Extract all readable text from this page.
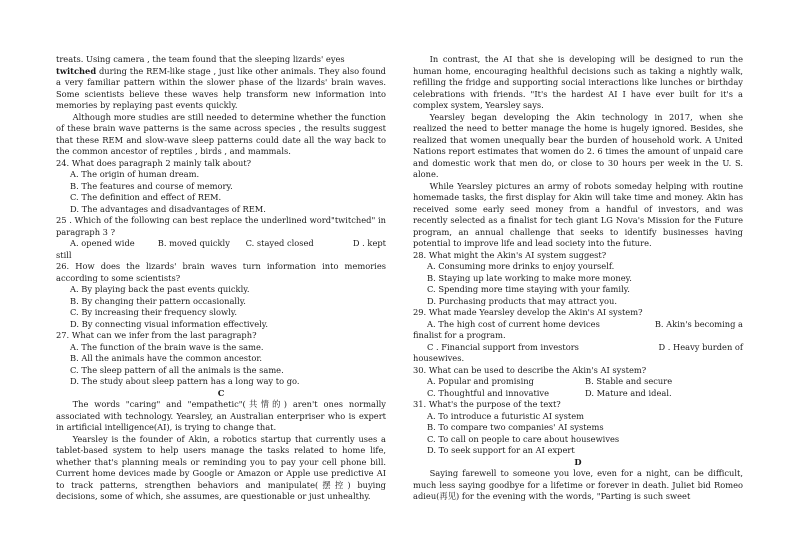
treats. Using camera , the team found that the sleeping lizards' eyes
twitched during the REM-like stage , just like other animals. They also found a very familiar pattern within the slower phase of the lizards' brain waves. Some scientists believe these waves help transform new information into memories by replaying past events quickly.

Although more studies are still needed to determine whether the function of these brain wave patterns is the same across species , the results suggest that these REM and slow-wave sleep patterns could date all the way back to the common ancestor of reptiles , birds , and mammals.

24. What does paragraph 2 mainly talk about?

A. The origin of human dream.

B. The features and course of memory.

C. The definition and effect of REM.

D. The advantages and disadvantages of REM.

25 . Which of the following can best replace the underlined word"twitched" in paragraph 3 ?

A. opened wide	B. moved quickly	C. stayed closed	D . kept

still

26. How does the lizards' brain waves turn information into memories according to some scientists?

A. By playing back the past events quickly.

B. By changing their pattern occasionally.

C. By increasing their frequency slowly.

D. By connecting visual information effectively.

27. What can we infer from the last paragraph?

A. The function of the brain wave is the same.

B. All the animals have the common ancestor.

C. The sleep pattern of all the animals is the same.

D. The study about sleep pattern has a long way to go.

C

The words "caring" and "empathetic"(共情的) aren't ones normally associated with technology. Yearsley, an Australian enterpriser who is expert in artificial intelligence(AI), is trying to change that.

Yearsley is the founder of Akin, a robotics startup that currently uses a tablet-based system to help users manage the tasks related to home life, whether that's planning meals or reminding you to pay your cell phone bill. Current home devices made by Google or Amazon or Apple use predictive AI to track patterns, strengthen behaviors and manipulate(摆控) buying decisions, some of which, she assumes, are questionable or just unhealthy.

In contrast, the AI that she is developing will be designed to run the human home, encouraging healthful decisions such as taking a nightly walk, refilling the fridge and supporting social interactions like lunches or birthday celebrations with friends. "It's the hardest AI I have ever built for it's a complex system, Yearsley says.

Yearsley began developing the Akin technology in 2017, when she realized the need to better manage the home is hugely ignored. Besides, she realized that women unequally bear the burden of household work. A United Nations report estimates that women do 2. 6 times the amount of unpaid care and domestic work that men do, or close to 30 hours per week in the U. S. alone.

While Yearsley pictures an army of robots someday helping with routine homemade tasks, the first display for Akin will take time and money. Akin has received some early seed money from a handful of investors, and was recently selected as a finalist for tech giant LG Nova's Mission for the Future program, an annual challenge that seeks to identify businesses having potential to improve life and lead society into the future.

28. What might the Akin's AI system suggest?

A. Consuming more drinks to enjoy yourself.

B. Staying up late working to make more money.

C. Spending more time staying with your family.

D. Purchasing products that may attract you.

29. What made Yearsley develop the Akin's AI system?

A. The high cost of current home devices	B. Akin's becoming a

finalist for a program.

C . Financial support from investors	D . Heavy burden of

housewives.

30. What can be used to describe the Akin's AI system?

A. Popular and promising	B. Stable and secure
C. Thoughtful and innovative	D. Mature and ideal.

31. What's the purpose of the text?

A. To introduce a futuristic AI system

B. To compare two companies' AI systems

C. To call on people to care about housewives

D. To seek support for an AI expert

D

Saying farewell to someone you love, even for a night, can be difficult, much less saying goodbye for a lifetime or forever in death. Juliet bid Romeo adieu(再见) for the evening with the words, "Parting is such sweet
